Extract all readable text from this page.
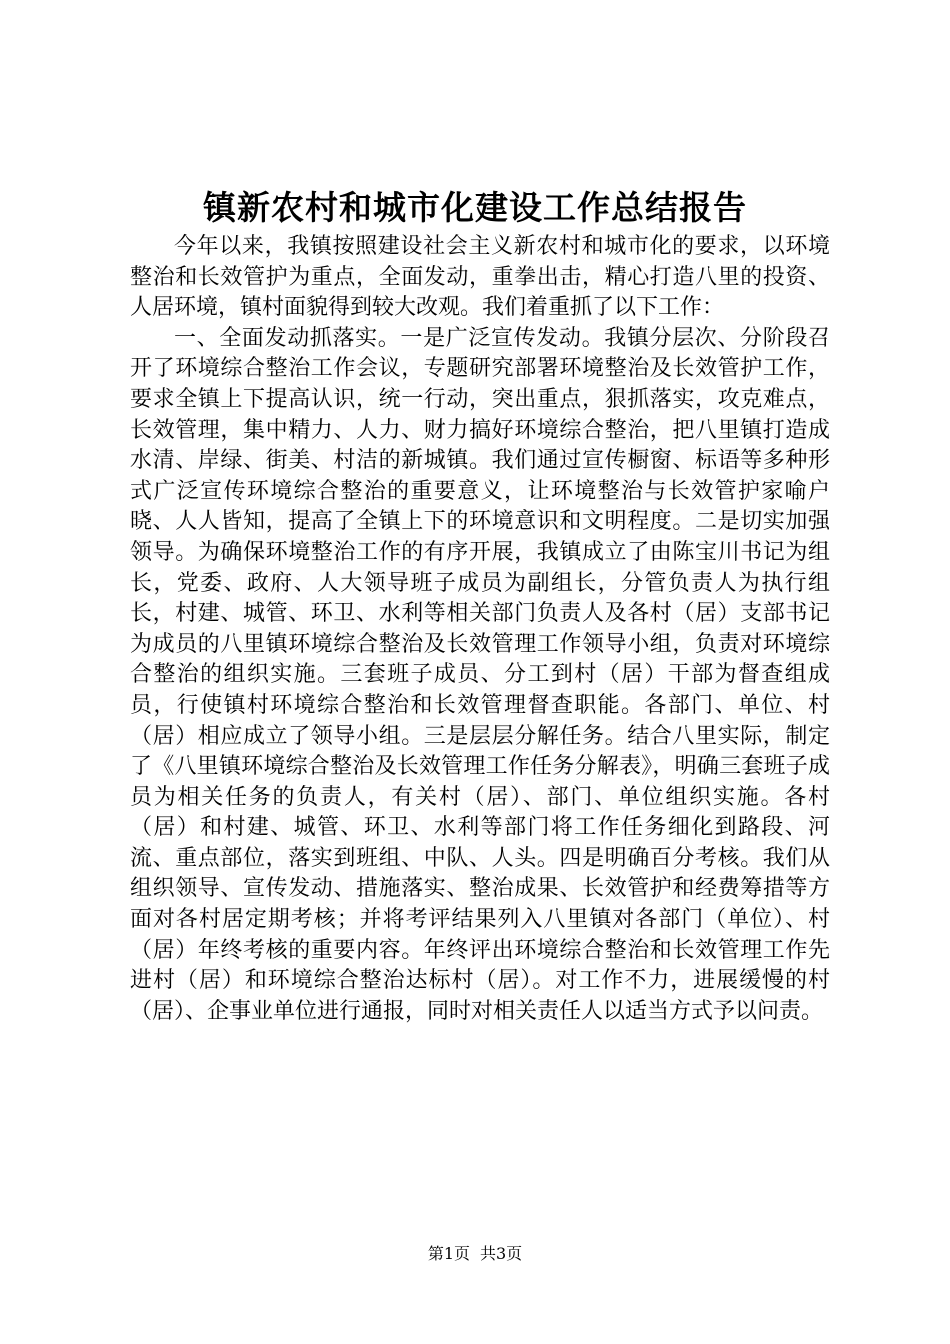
镇新农村和城市化建设工作总结报告

今年以来，我镇按照建设社会主义新农村和城市化的要求，以环境整治和长效管护为重点，全面发动，重拳出击，精心打造八里的投资、人居环境，镇村面貌得到较大改观。我们着重抓了以下工作：

一、全面发动抓落实。一是广泛宣传发动。我镇分层次、分阶段召开了环境综合整治工作会议，专题研究部署环境整治及长效管护工作，要求全镇上下提高认识，统一行动，突出重点，狠抓落实，攻克难点，长效管理，集中精力、人力、财力搞好环境综合整治，把八里镇打造成水清、岸绿、街美、村洁的新城镇。我们通过宣传橱窗、标语等多种形式广泛宣传环境综合整治的重要意义，让环境整治与长效管护家喻户晓、人人皆知，提高了全镇上下的环境意识和文明程度。二是切实加强领导。为确保环境整治工作的有序开展，我镇成立了由陈宝川书记为组长，党委、政府、人大领导班子成员为副组长，分管负责人为执行组长，村建、城管、环卫、水利等相关部门负责人及各村（居）支部书记为成员的八里镇环境综合整治及长效管理工作领导小组，负责对环境综合整治的组织实施。三套班子成员、分工到村（居）干部为督查组成员，行使镇村环境综合整治和长效管理督查职能。各部门、单位、村（居）相应成立了领导小组。三是层层分解任务。结合八里实际，制定了《八里镇环境综合整治及长效管理工作任务分解表》，明确三套班子成员为相关任务的负责人，有关村（居）、部门、单位组织实施。各村（居）和村建、城管、环卫、水利等部门将工作任务细化到路段、河流、重点部位，落实到班组、中队、人头。四是明确百分考核。我们从组织领导、宣传发动、措施落实、整治成果、长效管护和经费筹措等方面对各村居定期考核；并将考评结果列入八里镇对各部门（单位）、村（居）年终考核的重要内容。年终评出环境综合整治和长效管理工作先进村（居）和环境综合整治达标村（居）。对工作不力，进展缓慢的村（居）、企事业单位进行通报，同时对相关责任人以适当方式予以问责。

第1页 共3页
